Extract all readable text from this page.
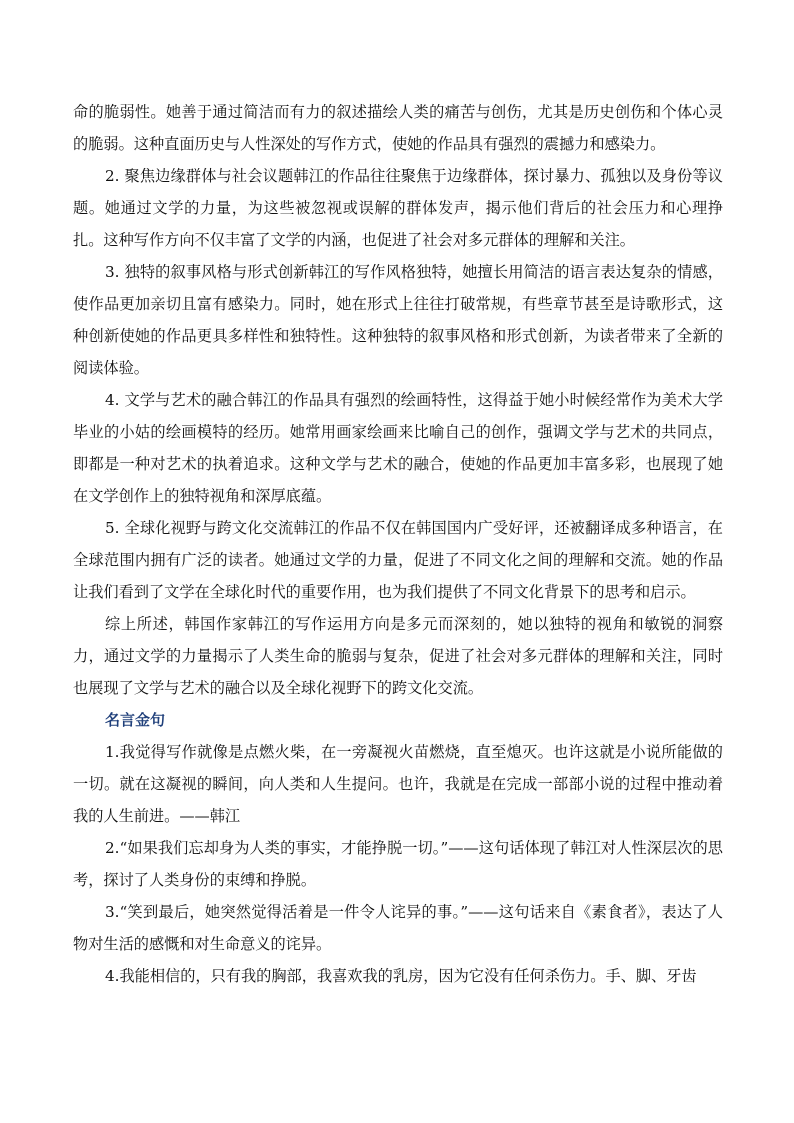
命的脆弱性。她善于通过简洁而有力的叙述描绘人类的痛苦与创伤，尤其是历史创伤和个体心灵的脆弱。这种直面历史与人性深处的写作方式，使她的作品具有强烈的震撼力和感染力。

2. 聚焦边缘群体与社会议题韩江的作品往往聚焦于边缘群体，探讨暴力、孤独以及身份等议题。她通过文学的力量，为这些被忽视或误解的群体发声，揭示他们背后的社会压力和心理挣扎。这种写作方向不仅丰富了文学的内涵，也促进了社会对多元群体的理解和关注。

3. 独特的叙事风格与形式创新韩江的写作风格独特，她擅长用简洁的语言表达复杂的情感，使作品更加亲切且富有感染力。同时，她在形式上往往打破常规，有些章节甚至是诗歌形式，这种创新使她的作品更具多样性和独特性。这种独特的叙事风格和形式创新，为读者带来了全新的阅读体验。

4. 文学与艺术的融合韩江的作品具有强烈的绘画特性，这得益于她小时候经常作为美术大学毕业的小姑的绘画模特的经历。她常用画家绘画来比喻自己的创作，强调文学与艺术的共同点，即都是一种对艺术的执着追求。这种文学与艺术的融合，使她的作品更加丰富多彩，也展现了她在文学创作上的独特视角和深厚底蕴。

5. 全球化视野与跨文化交流韩江的作品不仅在韩国国内广受好评，还被翻译成多种语言，在全球范围内拥有广泛的读者。她通过文学的力量，促进了不同文化之间的理解和交流。她的作品让我们看到了文学在全球化时代的重要作用，也为我们提供了不同文化背景下的思考和启示。

综上所述，韩国作家韩江的写作运用方向是多元而深刻的，她以独特的视角和敏锐的洞察力，通过文学的力量揭示了人类生命的脆弱与复杂，促进了社会对多元群体的理解和关注，同时也展现了文学与艺术的融合以及全球化视野下的跨文化交流。

名言金句

1.我觉得写作就像是点燃火柴，在一旁凝视火苗燃烧，直至熄灭。也许这就是小说所能做的一切。就在这凝视的瞬间，向人类和人生提问。也许，我就是在完成一部部小说的过程中推动着我的人生前进。——韩江

2.“如果我们忘却身为人类的事实，才能挣脱一切。”——这句话体现了韩江对人性深层次的思考，探讨了人类身份的束缚和挣脱。

3.“笑到最后，她突然觉得活着是一件令人诧异的事。”——这句话来自《素食者》，表达了人物对生活的感慨和对生命意义的诧异。

4.我能相信的，只有我的胸部，我喜欢我的乳房，因为它没有任何杀伤力。手、脚、牙齿
